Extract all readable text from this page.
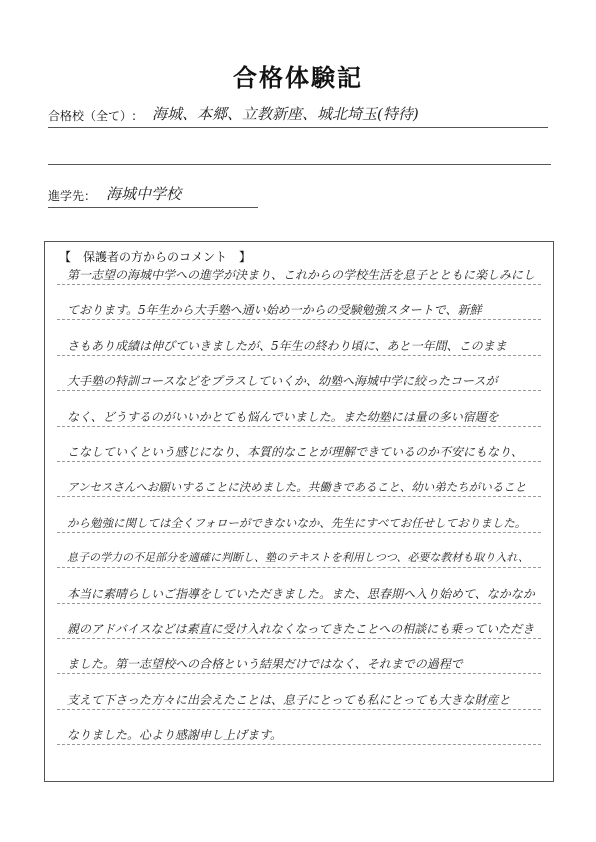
合格体験記
合格校（全て）: 海城、本郷、立教新座、城北埼玉(特待)
進学先： 海城中学校
【　保護者の方からのコメント　】
第一志望の海城中学への進学が決まり、これからの学校生活を息子とともに楽しみにし
ております。5年生から大手塾へ通い始め一からの受験勉強スタートで、新鮮
さもあり成績は伸びていきましたが、5年生の終わり頃に、あと一年間、このまま
大手塾の特訓コースなどをプラスしていくか、幼塾へ海城中学に絞ったコースが
なく、どうするのがいいかとても悩んでいました。また幼塾には量の多い宿題を
こなしていくという感じになり、本質的なことが理解できているのか不安にもなり、
アンセスさんへお願いすることに決めました。共働きであること、幼い弟たちがいること
から勉強に関しては全くフォローができないなか、先生にすべてお任せしておりました。
息子の学力の不足部分を適確に判断し、塾のテキストを利用しつつ、必要な教材も取り入れ、
本当に素晴らしいご指導をしていただきました。また、思春期へ入り始めて、なかなか
親のアドバイスなどは素直に受け入れなくなってきたことへの相談にも乗っていただき
ました。第一志望校への合格という結果だけではなく、それまでの過程で
支えて下さった方々に出会えたことは、息子にとっても私にとっても大きな財産と
なりました。心より感謝申し上げます。
